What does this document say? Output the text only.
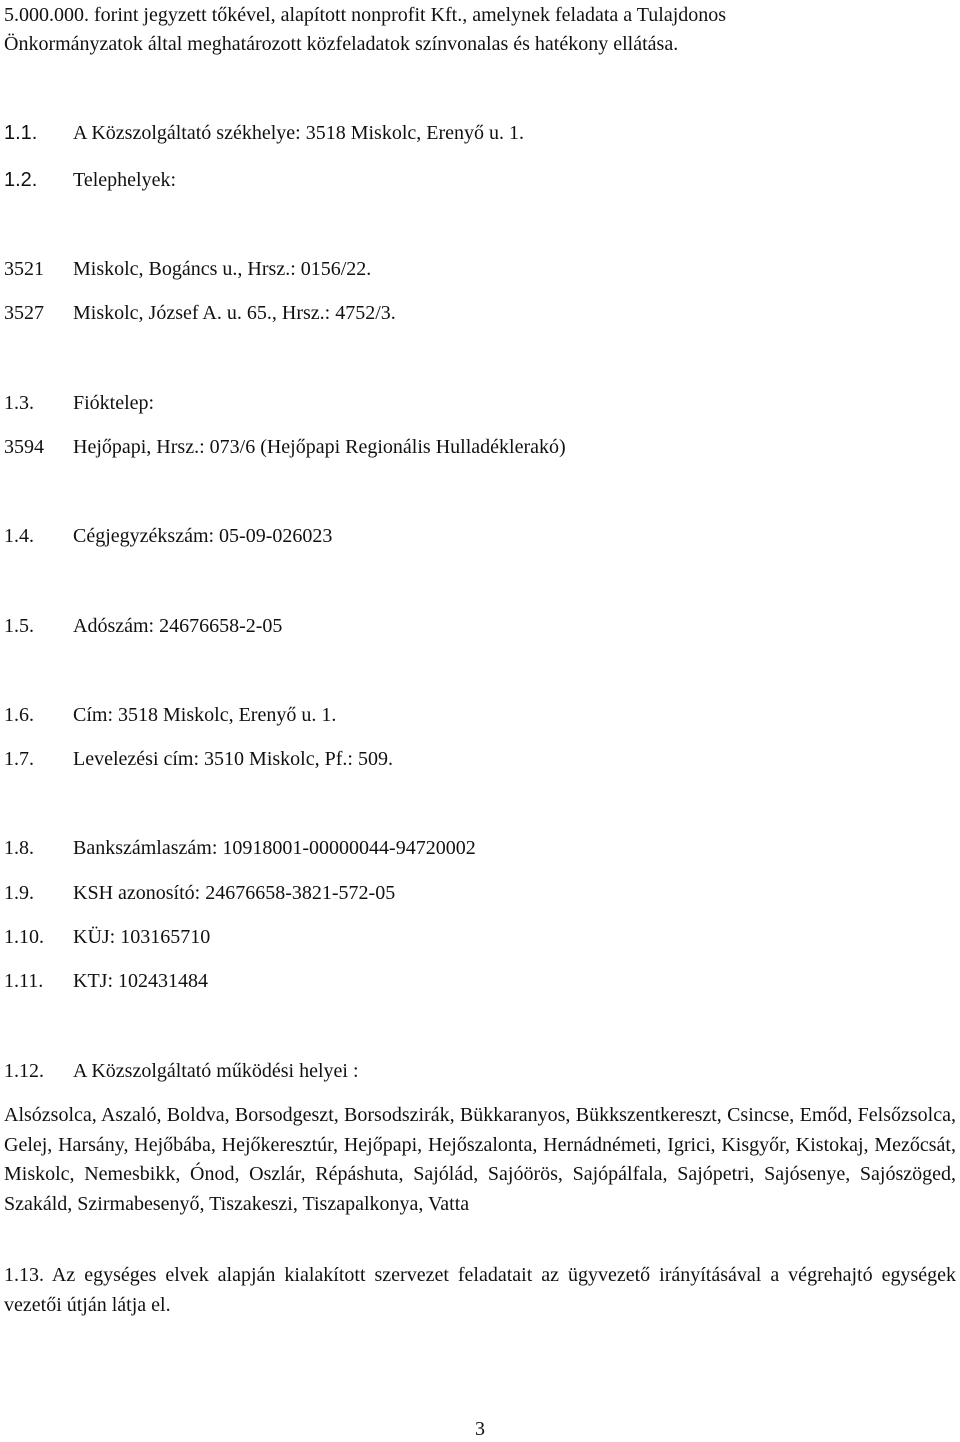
5.000.000. forint jegyzett tőkével, alapított nonprofit Kft., amelynek feladata a Tulajdonos
Önkormányzatok által meghatározott közfeladatok színvonalas és hatékony ellátása.
1.1. A Közszolgáltató székhelye: 3518 Miskolc, Erenyő u. 1.
1.2. Telephelyek:
3521 Miskolc, Bogáncs u., Hrsz.: 0156/22.
3527 Miskolc, József A. u. 65., Hrsz.: 4752/3.
1.3. Fióktelep:
3594 Hejőpapi, Hrsz.: 073/6 (Hejőpapi Regionális Hulladéklerakó)
1.4. Cégjegyzékszám: 05-09-026023
1.5. Adószám: 24676658-2-05
1.6. Cím: 3518 Miskolc, Erenyő u. 1.
1.7. Levelezési cím: 3510 Miskolc, Pf.: 509.
1.8. Bankszámlaszám: 10918001-00000044-94720002
1.9. KSH azonosító: 24676658-3821-572-05
1.10. KÜJ: 103165710
1.11. KTJ: 102431484
1.12. A Közszolgáltató működési helyei :
Alsózsolca, Aszaló, Boldva, Borsodgeszt, Borsodszirák, Bükkaranyos, Bükkszentkereszt, Csincse, Emőd, Felsőzsolca, Gelej, Harsány, Hejőbába, Hejőkeresztúr, Hejőpapi, Hejőszalonta, Hernádnémeti, Igrici, Kisgyőr, Kistokaj, Mezőcsát, Miskolc, Nemesbikk, Ónod, Oszlár, Répáshuta, Sajólád, Sajóörös, Sajópálfala, Sajópetri, Sajósenye, Sajószöged, Szakáld, Szirmabesenyő, Tiszakeszi, Tiszapalkonya, Vatta
1.13. Az egységes elvek alapján kialakított szervezet feladatait az ügyvezető irányításával a végrehajtó egységek vezetői útján látja el.
3
